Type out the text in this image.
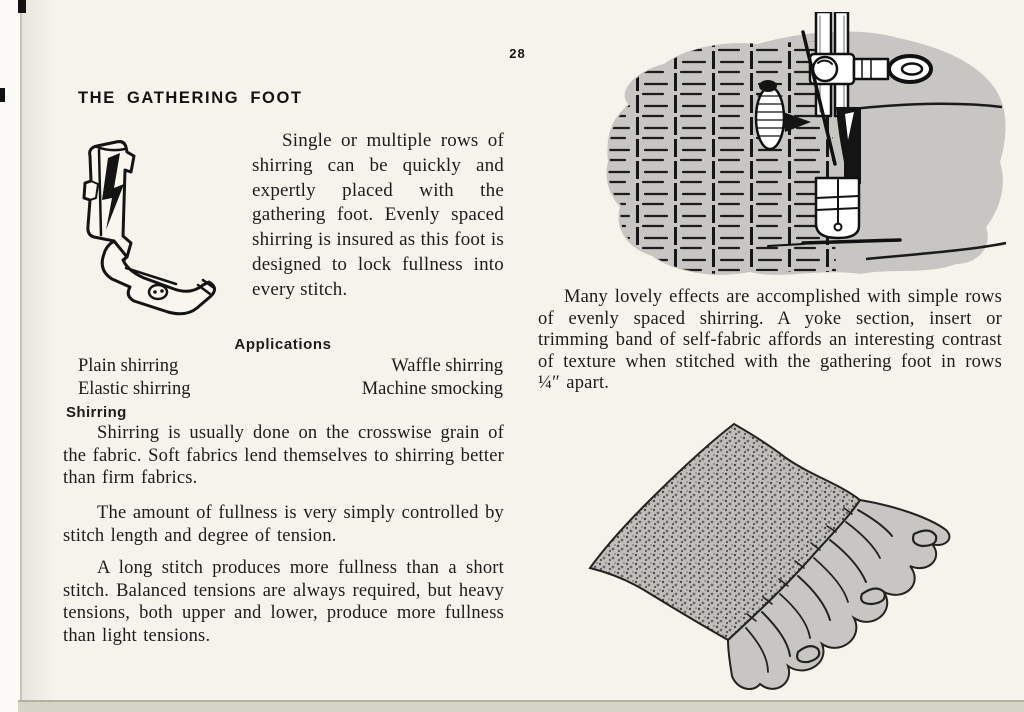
28
THE GATHERING FOOT

Single or multiple rows of shirring can be quickly and expertly placed with the gathering foot. Evenly spaced shirring is insured as this foot is designed to lock fullness into every stitch.

Applications
Plain shirring	Waffle shirring
Elastic shirring	Machine smocking
Shirring

Shirring is usually done on the crosswise grain of the fabric. Soft fabrics lend themselves to shirring better than firm fabrics.

The amount of fullness is very simply controlled by stitch length and degree of tension.

A long stitch produces more fullness than a short stitch. Balanced tensions are always required, but heavy tensions, both upper and lower, produce more fullness than light tensions.

Many lovely effects are accomplished with simple rows of evenly spaced shirring. A yoke section, insert or trimming band of self-fabric affords an interesting contrast of texture when stitched with the gathering foot in rows ¼″ apart.
